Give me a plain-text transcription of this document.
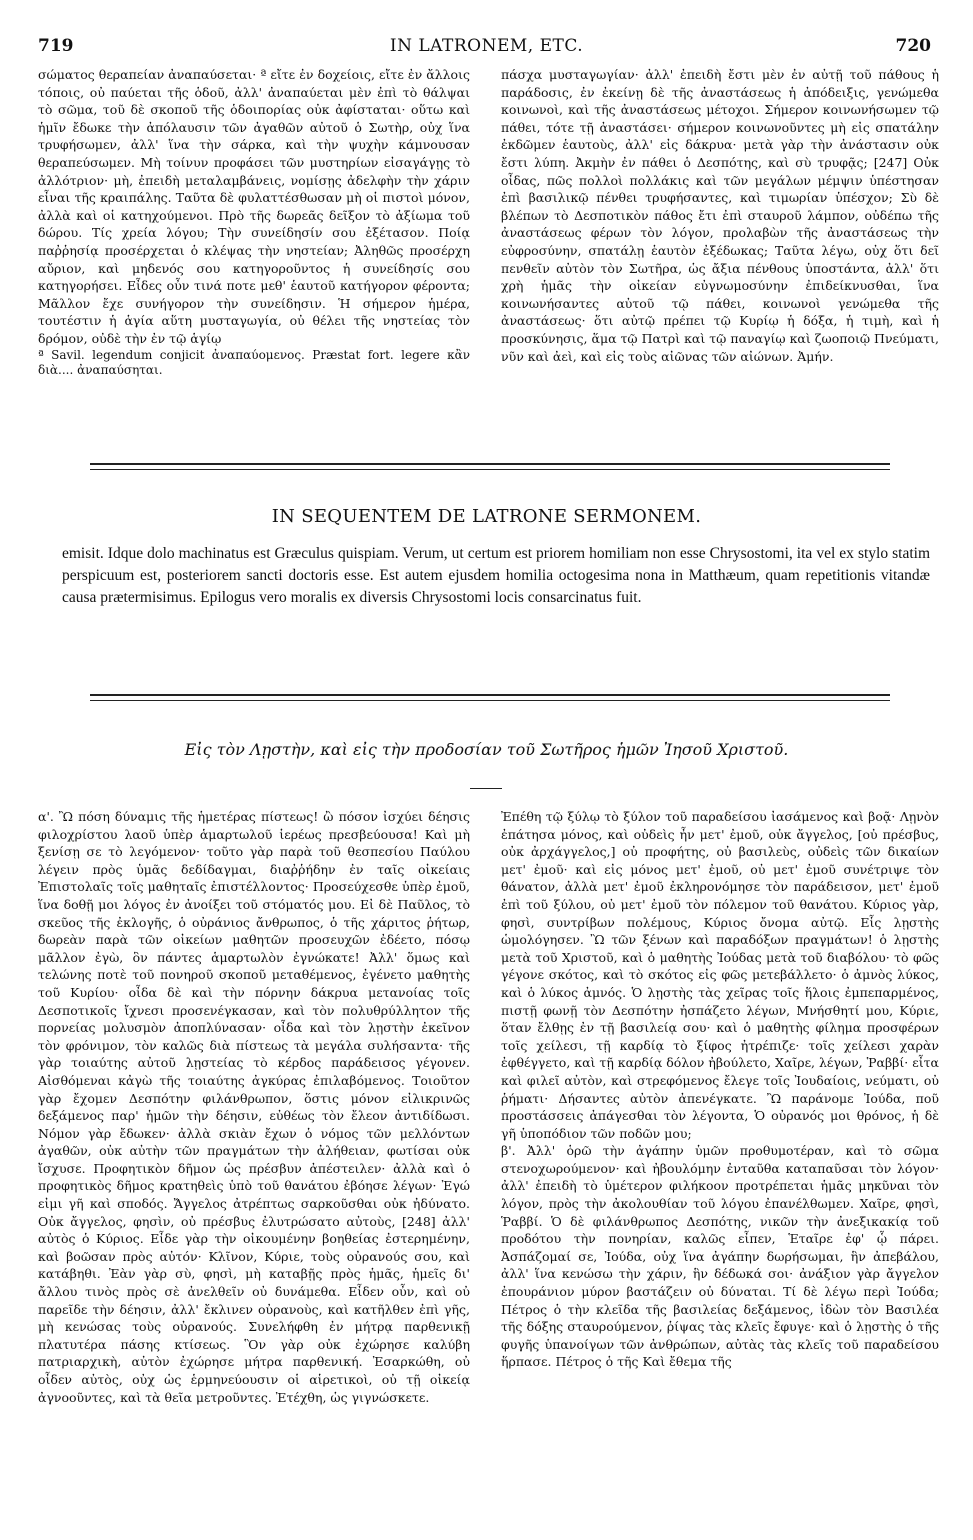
719	IN LATRONEM, ETC.	720

σώματος θεραπείαν ἀναπαύσεται· ª εἴτε ἐν δοχείοις, εἴτε ἐν ἄλλοις τόποις, οὐ παύεται τῆς ὁδοῦ, ἀλλ' ἀναπαύεται μὲν ἐπὶ τὸ θάλψαι τὸ σῶμα, τοῦ δὲ σκοποῦ τῆς ὁδοιπορίας οὐκ ἀφίσταται· οὕτω καὶ ἡμῖν ἔδωκε τὴν ἀπόλαυσιν τῶν ἀγαθῶν αὐτοῦ ὁ Σωτὴρ, οὐχ ἵνα τρυφήσωμεν, ἀλλ' ἵνα τὴν σάρκα, καὶ τὴν ψυχὴν κάμνουσαν θεραπεύσωμεν. Μὴ τοίνυν προφάσει τῶν μυστηρίων εἰσαγάγῃς τὸ ἀλλότριον· μὴ, ἐπειδὴ μεταλαμβάνεις, νομίσῃς ἀδελφὴν τὴν χάριν εἶναι τῆς κραιπάλης. Ταῦτα δὲ φυλαττέσθωσαν μὴ οἱ πιστοὶ μόνον, ἀλλὰ καὶ οἱ κατηχούμενοι. Πρὸ τῆς δωρεᾶς δεῖξον τὸ ἀξίωμα τοῦ δώρου. Τίς χρεία λόγου; Τὴν συνείδησίν σου ἐξέτασον. Ποίᾳ παῤῥησίᾳ προσέρχεται ὁ κλέψας τὴν νηστείαν; Ἀληθῶς προσέρχη αὔριον, καὶ μηδενός σου κατηγοροῦντος ἡ συνείδησίς σου κατηγορήσει. Εἶδες οὖν τινά ποτε μεθ' ἑαυτοῦ κατήγορον φέροντα; Μᾶλλον ἔχε συνήγορον τὴν συνείδησιν. Ἡ σήμερον ἡμέρα, τουτέστιν ἡ ἁγία αὕτη μυσταγωγία, οὐ θέλει τῆς νηστείας τὸν δρόμον, οὐδὲ τὴν ἐν τῷ ἁγίῳ

ª Savil. legendum conjicit ἀναπαύομενος. Præstat fort. legere κἂν διὰ.... ἀναπαύσηται.

πάσχα μυσταγωγίαν· ἀλλ' ἐπειδὴ ἔστι μὲν ἐν αὐτῇ τοῦ πάθους ἡ παράδοσις, ἐν ἐκείνῃ δὲ τῆς ἀναστάσεως ἡ ἀπόδειξις, γενώμεθα κοινωνοὶ, καὶ τῆς ἀναστάσεως μέτοχοι. Σήμερον κοινωνήσωμεν τῷ πάθει, τότε τῇ ἀναστάσει· σήμερον κοινωνοῦντες μὴ εἰς σπατάλην ἐκδῶμεν ἑαυτοὺς, ἀλλ' εἰς δάκρυα· μετὰ γὰρ τὴν ἀνάστασιν οὐκ ἔστι λύπη. Ἀκμὴν ἐν πάθει ὁ Δεσπότης, καὶ σὺ τρυφᾷς; [247] Οὐκ οἶδας, πῶς πολλοὶ πολλάκις καὶ τῶν μεγάλων μέμψιν ὑπέστησαν ἐπὶ βασιλικῷ πένθει τρυφήσαντες, καὶ τιμωρίαν ὑπέσχον; Σὺ δὲ βλέπων τὸ Δεσποτικὸν πάθος ἔτι ἐπὶ σταυροῦ λάμπον, οὐδέπω τῆς ἀναστάσεως φέρων τὸν λόγον, προλαβὼν τῆς ἀναστάσεως τὴν εὐφροσύνην, σπατάλῃ ἑαυτὸν ἐξέδωκας; Ταῦτα λέγω, οὐχ ὅτι δεῖ πενθεῖν αὐτὸν τὸν Σωτῆρα, ὡς ἄξια πένθους ὑποστάντα, ἀλλ' ὅτι χρὴ ἡμᾶς τὴν οἰκείαν εὐγνωμοσύνην ἐπιδείκνυσθαι, ἵνα κοινωνήσαντες αὐτοῦ τῷ πάθει, κοινωνοὶ γενώμεθα τῆς ἀναστάσεως· ὅτι αὐτῷ πρέπει τῷ Κυρίῳ ἡ δόξα, ἡ τιμὴ, καὶ ἡ προσκύνησις, ἅμα τῷ Πατρὶ καὶ τῷ παναγίῳ καὶ ζωοποιῷ Πνεύματι, νῦν καὶ ἀεὶ, καὶ εἰς τοὺς αἰῶνας τῶν αἰώνων. Ἀμήν.

IN SEQUENTEM DE LATRONE SERMONEM.
emisit. Idque dolo machinatus est Græculus quispiam. Verum, ut certum est priorem homiliam non esse Chrysostomi, ita vel ex stylo statim perspicuum est, posteriorem sancti doctoris esse. Est autem ejusdem homilia octogesima nona in Matthæum, quam repetitionis vitandæ causa prætermisimus. Epilogus vero moralis ex diversis Chrysostomi locis consarcinatus fuit.
Εἰς τὸν Λῃστὴν, καὶ εἰς τὴν προδοσίαν τοῦ Σωτῆρος ἡμῶν Ἰησοῦ Χριστοῦ.

α'. Ὢ πόση δύναμις τῆς ἡμετέρας πίστεως! ὢ πόσον ἰσχύει δέησις φιλοχρίστου λαοῦ ὑπὲρ ἁμαρτωλοῦ ἱερέως πρεσβεύουσα! Καὶ μὴ ξενίσῃ σε τὸ λεγόμενον· τοῦτο γὰρ παρὰ τοῦ θεσπεσίου Παύλου λέγειν πρὸς ὑμᾶς δεδίδαγμαι, διαῤῥήδην ἐν ταῖς οἰκείαις Ἐπιστολαῖς τοῖς μαθηταῖς ἐπιστέλλοντος· Προσεύχεσθε ὑπὲρ ἐμοῦ, ἵνα δοθῇ μοι λόγος ἐν ἀνοίξει τοῦ στόματός μου. Εἰ δὲ Παῦλος, τὸ σκεῦος τῆς ἐκλογῆς, ὁ οὐράνιος ἄνθρωπος, ὁ τῆς χάριτος ῥήτωρ, δωρεὰν παρὰ τῶν οἰκείων μαθητῶν προσευχῶν ἐδέετο, πόσῳ μᾶλλον ἐγὼ, ὃν πάντες ἁμαρτωλὸν ἐγνώκατε! Ἀλλ' ὅμως καὶ τελώνης ποτὲ τοῦ πονηροῦ σκοποῦ μεταθέμενος, ἐγένετο μαθητὴς τοῦ Κυρίου· οἶδα δὲ καὶ τὴν πόρνην δάκρυα μετανοίας τοῖς Δεσποτικοῖς ἴχνεσι προσενέγκασαν, καὶ τὸν πολυθρύλλητον τῆς πορνείας μολυσμὸν ἀποπλύνασαν· οἶδα καὶ τὸν λῃστὴν ἐκεῖνον τὸν φρόνιμον, τὸν καλῶς διὰ πίστεως τὰ μεγάλα συλήσαντα· τῆς γὰρ τοιαύτης αὐτοῦ λῃστείας τὸ κέρδος παράδεισος γέγονεν. Αἰσθόμεναι κἀγὼ τῆς τοιαύτης ἀγκύρας ἐπιλαβόμενος. Τοιοῦτον γὰρ ἔχομεν Δεσπότην φιλάνθρωπον, ὅστις μόνον εἰλικρινῶς δεξάμενος παρ' ἡμῶν τὴν δέησιν, εὐθέως τὸν ἔλεον ἀντιδίδωσι. Νόμον γὰρ ἔδωκεν· ἀλλὰ σκιὰν ἔχων ὁ νόμος τῶν μελλόντων ἀγαθῶν, οὐκ αὐτὴν τῶν πραγμάτων τὴν ἀλήθειαν, φωτίσαι οὐκ ἴσχυσε. Προφητικὸν δῆμον ὡς πρέσβυν ἀπέστειλεν· ἀλλὰ καὶ ὁ προφητικὸς δῆμος κρατηθεὶς ὑπὸ τοῦ θανάτου ἐβόησε λέγων· Ἐγώ εἰμι γῆ καὶ σποδός. Ἄγγελος ἀτρέπτως σαρκοῦσθαι οὐκ ἠδύνατο. Οὐκ ἄγγελος, φησὶν, οὐ πρέσβυς ἐλυτρώσατο αὐτοὺς, [248] ἀλλ' αὐτὸς ὁ Κύριος. Εἶδε γὰρ τὴν οἰκουμένην βοηθείας ἐστερημένην, καὶ βοῶσαν πρὸς αὐτόν· Κλῖνον, Κύριε, τοὺς οὐρανούς σου, καὶ κατάβηθι. Ἐὰν γὰρ σὺ, φησὶ, μὴ καταβῇς πρὸς ἡμᾶς, ἡμεῖς δι' ἄλλου τινὸς πρὸς σὲ ἀνελθεῖν οὐ δυνάμεθα. Εἶδεν οὖν, καὶ οὐ παρεῖδε τὴν δέησιν, ἀλλ' ἔκλινεν οὐρανοὺς, καὶ κατῆλθεν ἐπὶ γῆς, μὴ κενώσας τοὺς οὐρανούς. Συνελήφθη ἐν μήτρᾳ παρθενικῇ πλατυτέρα πάσης κτίσεως. Ὃν γὰρ οὐκ ἐχώρησε καλύβη πατριαρχικὴ, αὐτὸν ἐχώρησε μήτρα παρθενική. Ἐσαρκώθη, οὐ οἶδεν αὐτὸς, οὐχ ὡς ἑρμηνεύουσιν οἱ αἱρετικοὶ, οὐ τῇ οἰκείᾳ ἀγνοοῦντες, καὶ τὰ θεῖα μετροῦντες. Ἐτέχθη, ὡς γιγνώσκετε.

Ἐπέθη τῷ ξύλῳ τὸ ξύλον τοῦ παραδείσου ἰασάμενος καὶ βοᾷ· Λῃνὸν ἐπάτησα μόνος, καὶ οὐδεὶς ἦν μετ' ἐμοῦ, οὐκ ἄγγελος, [οὐ πρέσβυς, οὐκ ἀρχάγγελος,] οὐ προφήτης, οὐ βασιλεὺς, οὐδεὶς τῶν δικαίων μετ' ἐμοῦ· καὶ εἰς μόνος μετ' ἐμοῦ, οὐ μετ' ἐμοῦ συνέτριψε τὸν θάνατον, ἀλλὰ μετ' ἐμοῦ ἐκληρονόμησε τὸν παράδεισον, μετ' ἐμοῦ ἐπὶ τοῦ ξύλου, οὐ μετ' ἐμοῦ τὸν πόλεμον τοῦ θανάτου. Κύριος γὰρ, φησὶ, συντρίβων πολέμους, Κύριος ὄνομα αὐτῷ. Εἷς λῃστὴς ὡμολόγησεν. Ὢ τῶν ξένων καὶ παραδόξων πραγμάτων! ὁ λῃστὴς μετὰ τοῦ Χριστοῦ, καὶ ὁ μαθητὴς Ἰούδας μετὰ τοῦ διαβόλου· τὸ φῶς γέγονε σκότος, καὶ τὸ σκότος εἰς φῶς μετεβάλλετο· ὁ ἀμνὸς λύκος, καὶ ὁ λύκος ἀμνός. Ὁ λῃστὴς τὰς χεῖρας τοῖς ἥλοις ἐμπεπαρμένος, πιστῇ φωνῇ τὸν Δεσπότην ἠσπάζετο λέγων, Μνήσθητί μου, Κύριε, ὅταν ἔλθῃς ἐν τῇ βασιλείᾳ σου· καὶ ὁ μαθητὴς φίλημα προσφέρων τοῖς χείλεσι, τῇ καρδίᾳ τὸ ξίφος ἠτρέπιζε· τοῖς χείλεσι χαρὰν ἐφθέγγετο, καὶ τῇ καρδίᾳ δόλον ἠβούλετο, Χαῖρε, λέγων, Ῥαββί· εἶτα καὶ φιλεῖ αὐτὸν, καὶ στρεφόμενος ἔλεγε τοῖς Ἰουδαίοις, νεύματι, οὐ ῥήματι· Δήσαντες αὐτὸν ἀπενέγκατε. Ὢ παράνομε Ἰούδα, ποῦ προστάσσεις ἀπάγεσθαι τὸν λέγοντα, Ὁ οὐρανός μοι θρόνος, ἡ δὲ γῆ ὑποπόδιον τῶν ποδῶν μου;

β'. Ἀλλ' ὁρῶ τὴν ἀγάπην ὑμῶν προθυμοτέραν, καὶ τὸ σῶμα στενοχωρούμενον· καὶ ἠβουλόμην ἐνταῦθα καταπαῦσαι τὸν λόγον· ἀλλ' ἐπειδὴ τὸ ὑμέτερον φιλήκοον προτρέπεται ἡμᾶς μηκῦναι τὸν λόγον, πρὸς τὴν ἀκολουθίαν τοῦ λόγου ἐπανέλθωμεν. Χαῖρε, φησὶ, Ῥαββί. Ὁ δὲ φιλάνθρωπος Δεσπότης, νικῶν τὴν ἀνεξικακίᾳ τοῦ προδότου τὴν πονηρίαν, καλῶς εἶπεν, Ἑταῖρε ἐφ' ᾧ πάρει. Ἀσπάζομαί σε, Ἰούδα, οὐχ ἵνα ἀγάπην δωρήσωμαι, ἣν ἀπεβάλου, ἀλλ' ἵνα κενώσω τὴν χάριν, ἣν δέδωκά σοι· ἀνάξιον γὰρ ἄγγελον ἐπουράνιον μύρον βαστάζειν οὐ δύναται. Τί δὲ λέγω περὶ Ἰούδα; Πέτρος ὁ τὴν κλεῖδα τῆς βασιλείας δεξάμενος, ἰδὼν τὸν Βασιλέα τῆς δόξης σταυρούμενον, ῥίψας τὰς κλεῖς ἔφυγε· καὶ ὁ λῃστὴς ὁ τῆς φυγῆς ὑπανοίγων τῶν ἀνθρώπων, αὐτὰς τὰς κλεῖς τοῦ παραδείσου ἥρπασε. Πέτρος ὁ τῆς Καὶ ἔθεμα τῆς
